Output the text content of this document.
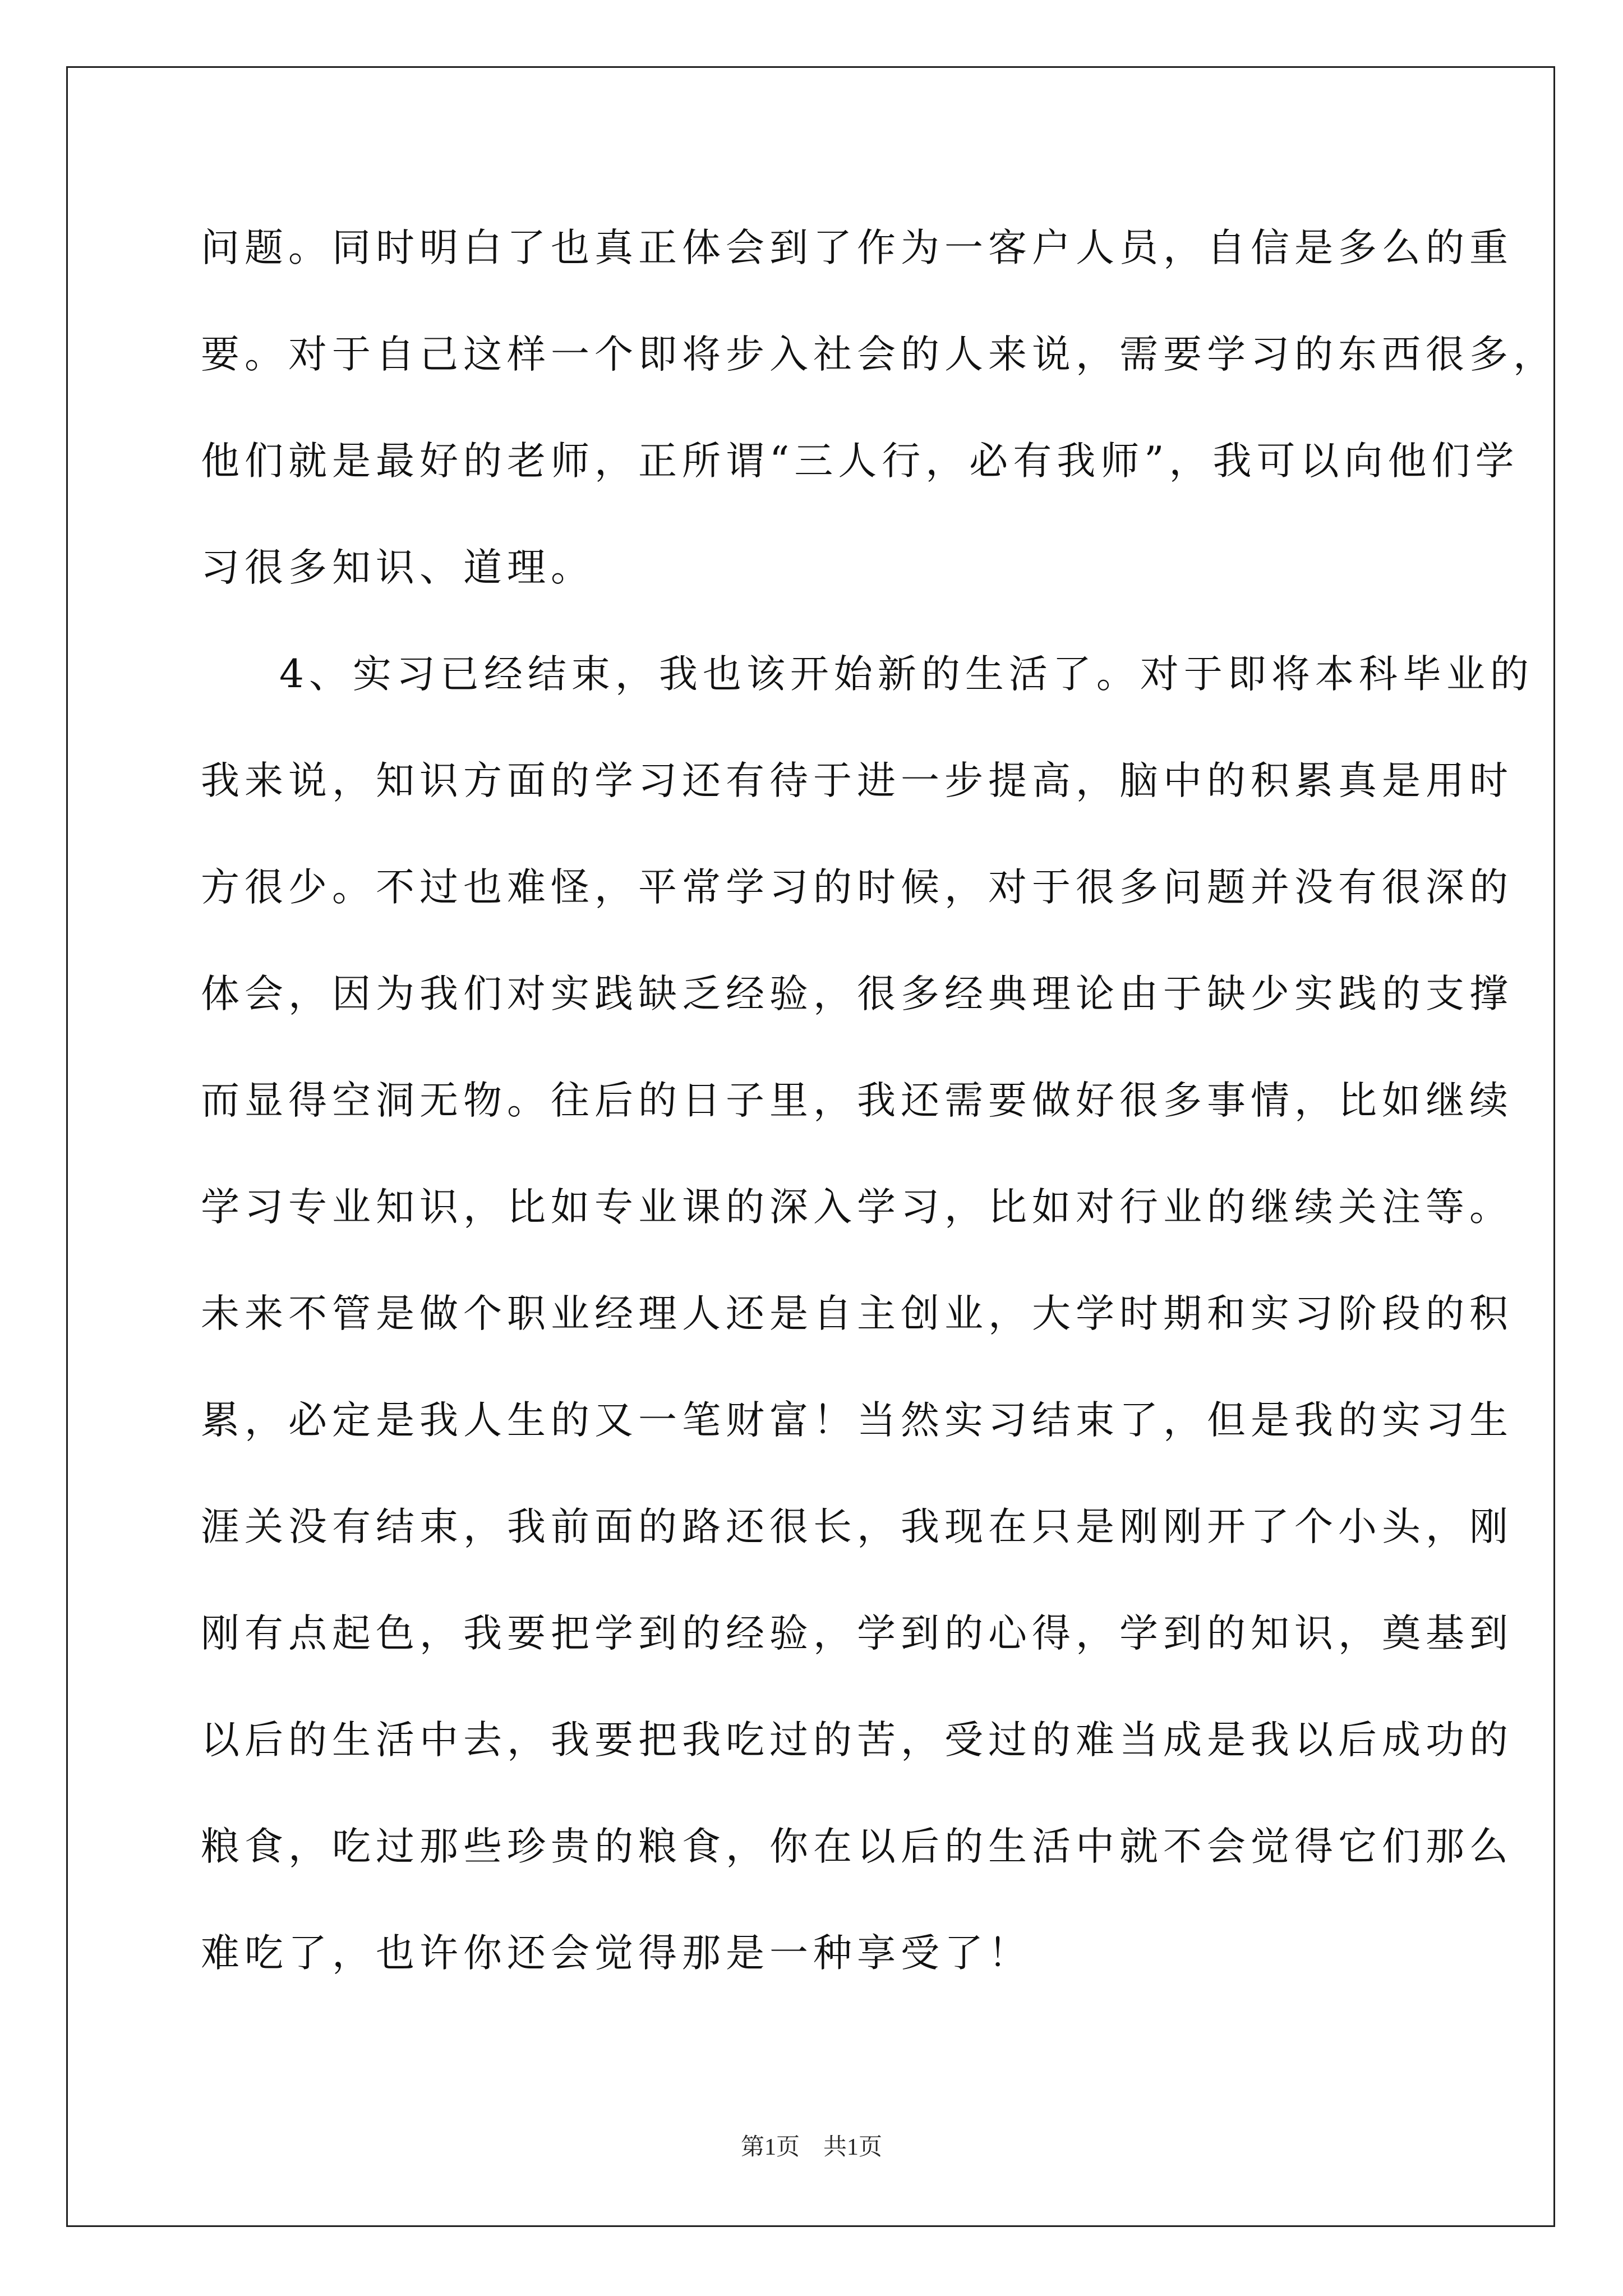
问题。同时明白了也真正体会到了作为一客户人员，自信是多么的重
要。对于自己这样一个即将步入社会的人来说，需要学习的东西很多，
他们就是最好的老师，正所谓“三人行，必有我师”，我可以向他们学
习很多知识、道理。
4、实习已经结束，我也该开始新的生活了。对于即将本科毕业的
我来说，知识方面的学习还有待于进一步提高，脑中的积累真是用时
方很少。不过也难怪，平常学习的时候，对于很多问题并没有很深的
体会，因为我们对实践缺乏经验，很多经典理论由于缺少实践的支撑
而显得空洞无物。往后的日子里，我还需要做好很多事情，比如继续
学习专业知识，比如专业课的深入学习，比如对行业的继续关注等。
未来不管是做个职业经理人还是自主创业，大学时期和实习阶段的积
累，必定是我人生的又一笔财富！当然实习结束了，但是我的实习生
涯关没有结束，我前面的路还很长，我现在只是刚刚开了个小头，刚
刚有点起色，我要把学到的经验，学到的心得，学到的知识，奠基到
以后的生活中去，我要把我吃过的苦，受过的难当成是我以后成功的
粮食，吃过那些珍贵的粮食，你在以后的生活中就不会觉得它们那么
难吃了，也许你还会觉得那是一种享受了！
第1页　共1页
